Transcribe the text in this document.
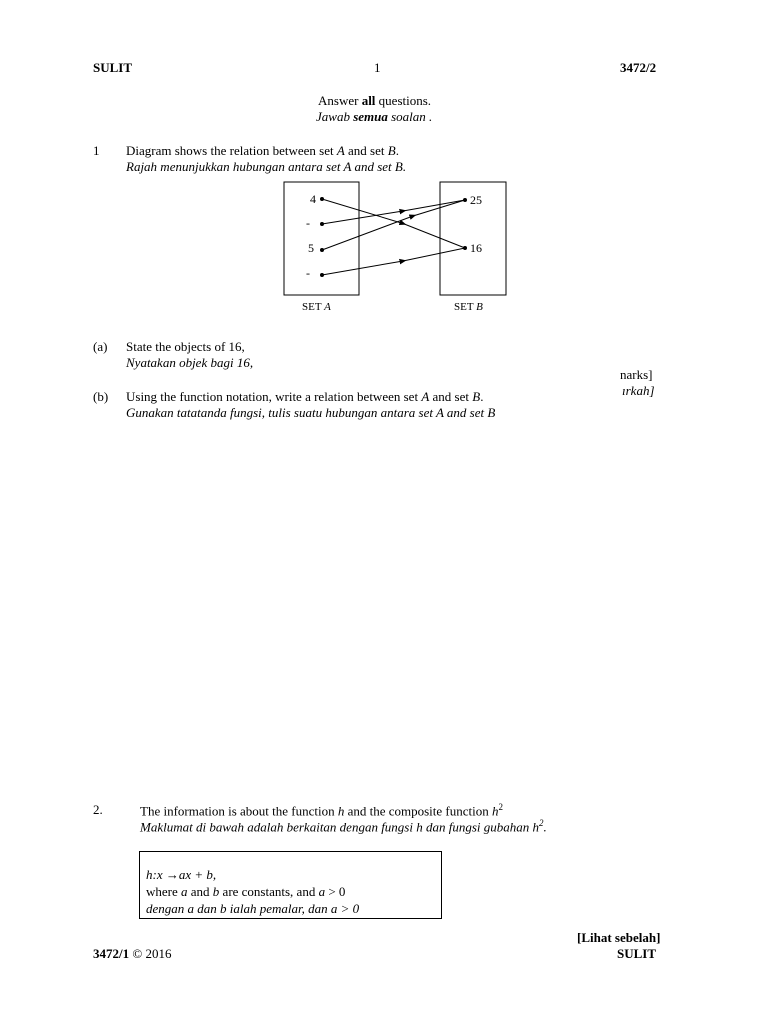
SULIT	1	3472/2
Answer all questions.
Jawab semua soalan .
1 Diagram shows the relation between set A and set B.
Rajah menunjukkan hubungan antara set A and set B.
4
-
5
-
25
16
SET A	SET B
(a) State the objects of 16,
Nyatakan objek bagi 16,
narks]
ırkah]
(b) Using the function notation, write a relation between set A and set B.
Gunakan tatatanda fungsi, tulis suatu hubungan antara set A and set B
2.	The information is about the function h and the composite function $h^2$
Maklumat di bawah adalah berkaitan dengan fungsi h dan fungsi gubahan $h^2$.
h:x →ax + b,
where a and b are constants, and a > 0
dengan a dan b ialah pemalar, dan a > 0
[Lihat sebelah]
3472/1 © 2016	SULIT
